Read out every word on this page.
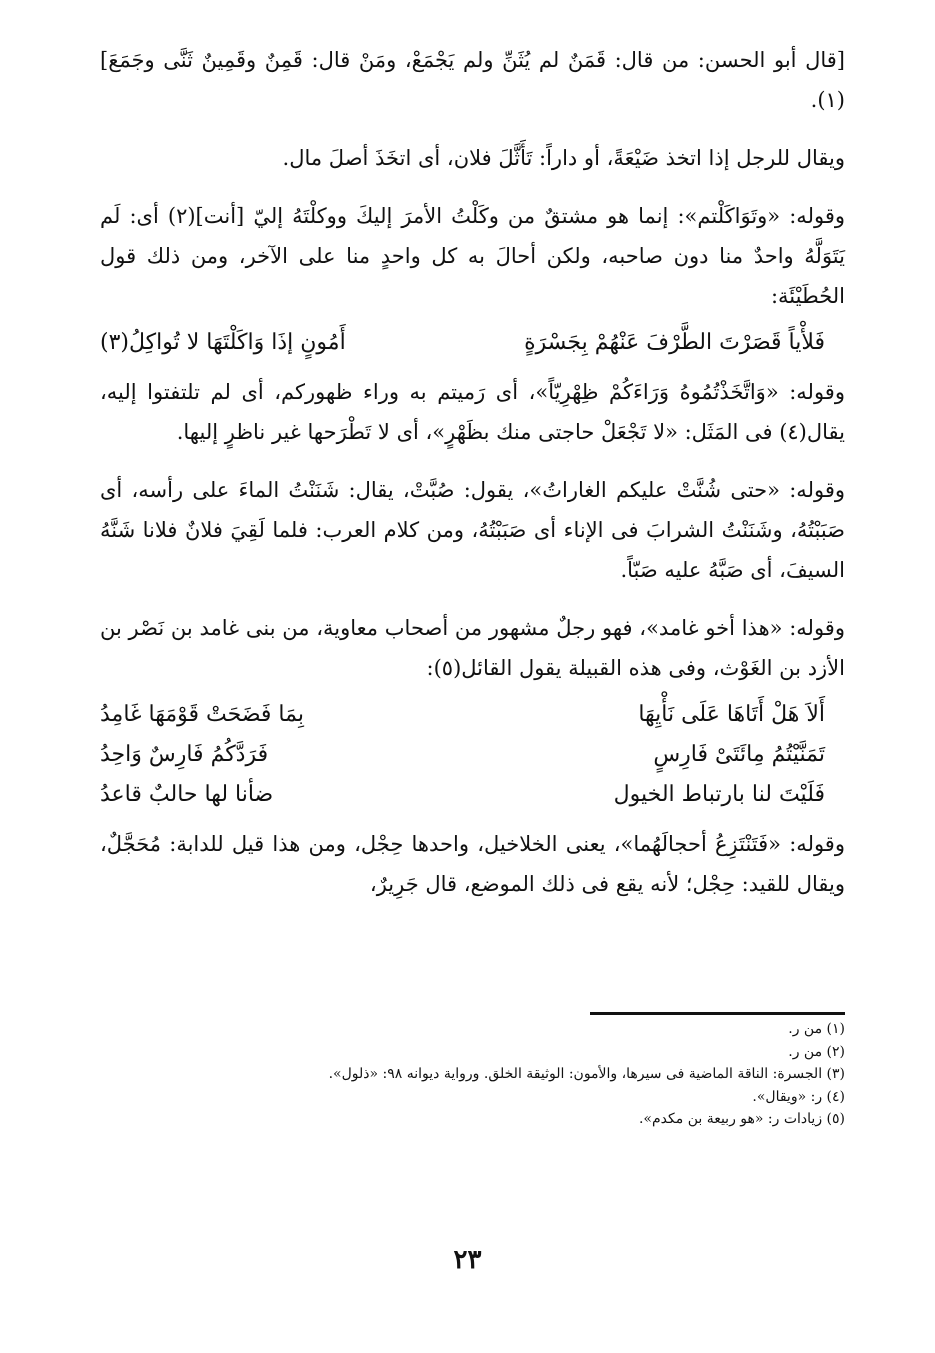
[قال أبو الحسن: من قال: قَمَنٌ لم يُثَنِّ ولم يَجْمَعْ، ومَنْ قال: قَمِنٌ وقَمِينٌ ثَنَّى وجَمَعَ](١).

ويقال للرجل إذا اتخذ ضَيْعَةً، أو داراً: تَأَثَّلَ فلان، أى اتخَذَ أصلَ مال.

وقوله: «وتَوَاكَلْتم»: إنما هو مشتقٌ من وكَلْتُ الأمرَ إليكَ ووكلْتَهُ إليّ [أنت](٢) أى: لَم يَتَوَلَّهُ واحدٌ منا دون صاحبه، ولكن أحالَ به كل واحدٍ منا على الآخر، ومن ذلك قول الحُطَيْئَة:

فَلأْياً قَصَرْتَ الطَّرْفَ عَنْهُمْ بِجَسْرَةٍ
أَمُونٍ إذَا وَاكَلْتَهَا لا تُواكِلُ(٣)

وقوله: «وَاتَّخَذْتُمُوهُ وَرَاءَكُمْ ظِهْرِيّاً»، أى رَميتم به وراء ظهوركم، أى لم تلتفتوا إليه، يقال(٤) فى المَثَل: «لا تَجْعَلْ حاجتى منك بظَهْرٍ»، أى لا تَطْرَحها غير ناظرٍ إليها.

وقوله: «حتى شُنَّتْ عليكم الغاراتُ»، يقول: صُبَّتْ، يقال: شَنَنْتُ الماءَ على رأسه، أى صَبَبْتُهُ، وشَنَنْتُ الشرابَ فى الإناء أى صَبَبْتُهُ، ومن كلام العرب: فلما لَقِيَ فلانٌ فلانا شَنَّهُ السيفَ، أى صَبَّهُ عليه صَبّاً.

وقوله: «هذا أخو غامد»، فهو رجلٌ مشهور من أصحاب معاوية، من بنى غامد بن نَصْر بن الأزد بن الغَوْث، وفى هذه القبيلة يقول القائل(٥):

أَلاَ هَلْ أَتَاهَا عَلَى نَأْيِهَا
بِمَا فَضَحَتْ قَوْمَهَا غَامِدُ
تَمَنَّيْتُمُ مِائَتَىْ فَارِسٍ
فَرَدَّكُمُ فَارِسٌ وَاحِدُ
فَلَيْتَ لنا بارتباط الخيول
ضأنا لها حالبٌ قاعدُ

وقوله: «فَتَنْتَزِعُ أحجالَهُما»، يعنى الخلاخيل، واحدها حِجْل، ومن هذا قيل للدابة: مُحَجَّلٌ، ويقال للقيد: حِجْل؛ لأنه يقع فى ذلك الموضع، قال جَرِيرٌ،

(١) من ر.

(٢) من ر.

(٣) الجسرة: الناقة الماضية فى سيرها، والأمون: الوثيقة الخلق. ورواية ديوانه ٩٨: «ذلول».

(٤) ر: «ويقال».

(٥) زيادات ر: «هو ربيعة بن مكدم».

٢٣
